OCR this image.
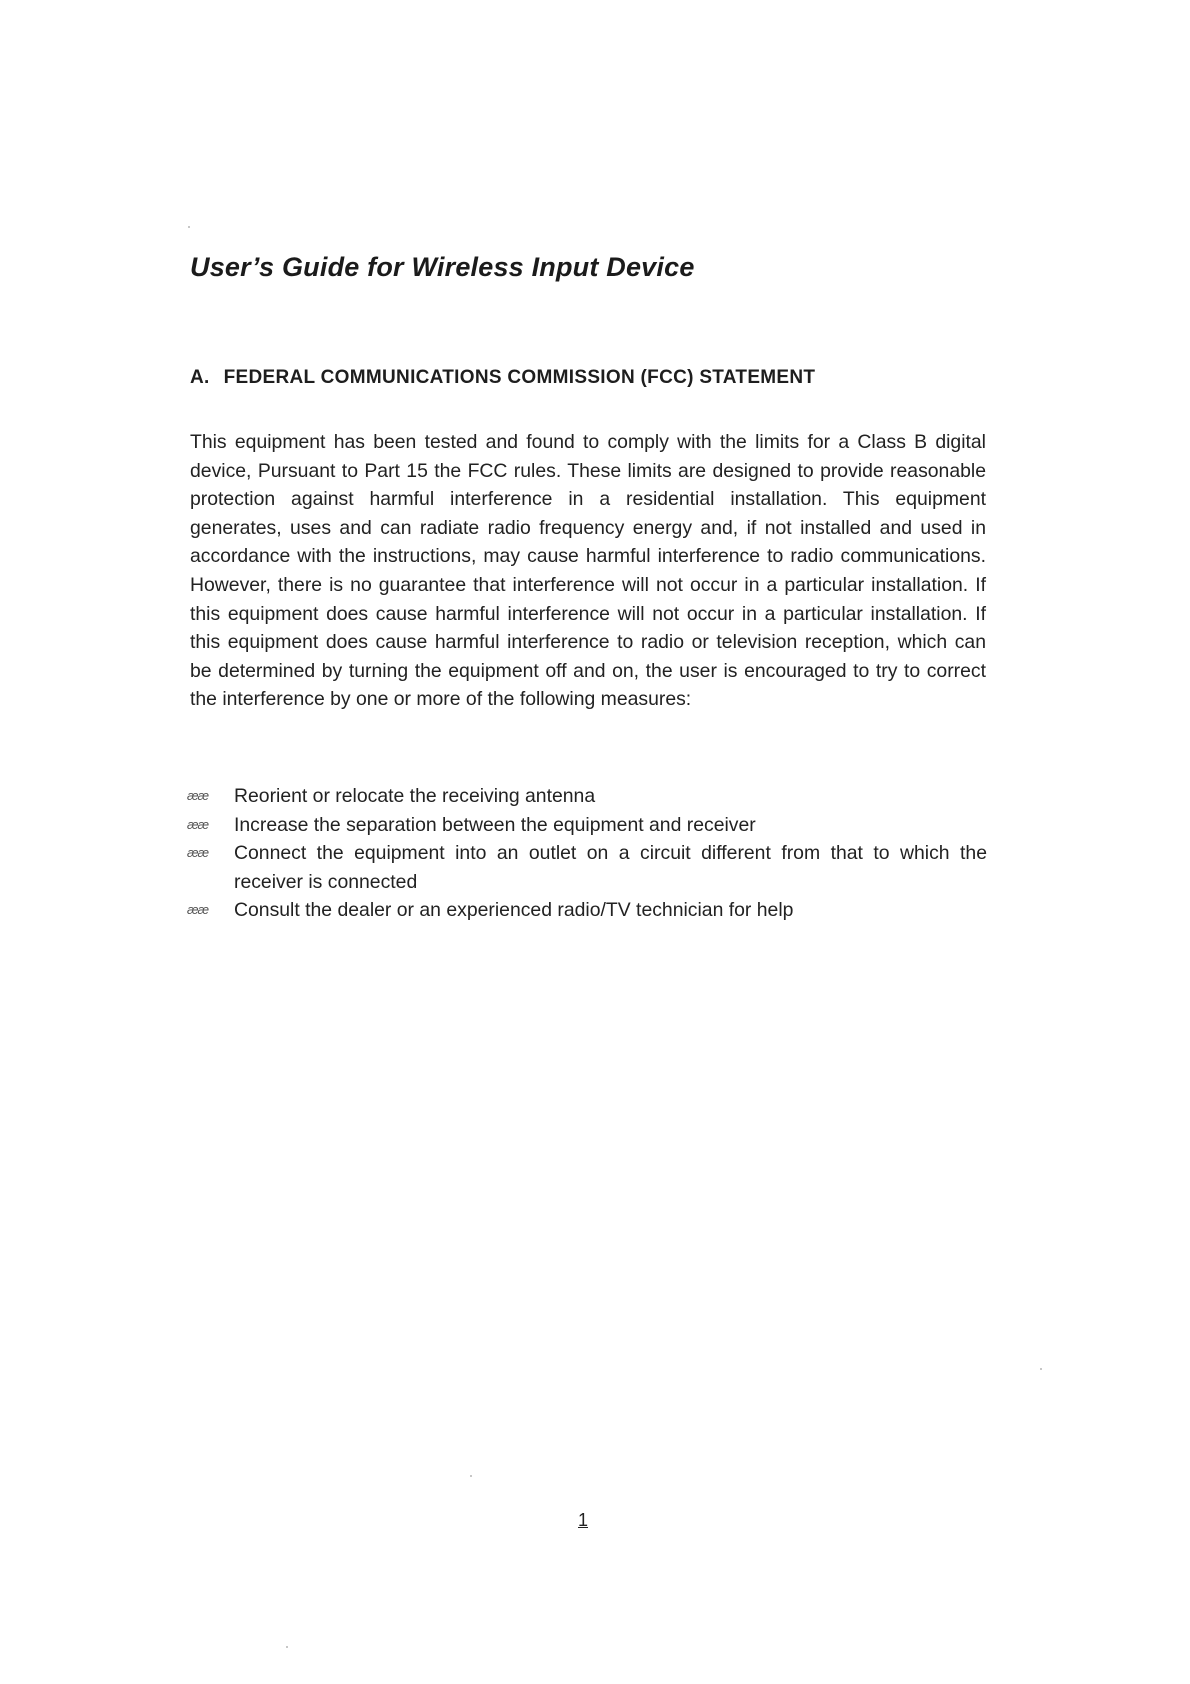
User’s Guide for Wireless Input Device
A. FEDERAL COMMUNICATIONS COMMISSION (FCC) STATEMENT

This equipment has been tested and found to comply with the limits for a Class B digital device, Pursuant to Part 15 the FCC rules. These limits are designed to provide reasonable protection against harmful interference in a residential installation. This equipment generates, uses and can radiate radio frequency energy and, if not installed and used in accordance with the instructions, may cause harmful interference to radio communications. However, there is no guarantee that interference will not occur in a particular installation. If this equipment does cause harmful interference will not occur in a particular installation. If this equipment does cause harmful interference to radio or television reception, which can be determined by turning the equipment off and on, the user is encouraged to try to correct the interference by one or more of the following measures:

ææ Reorient or relocate the receiving antenna
ææ Increase the separation between the equipment and receiver
ææ Connect the equipment into an outlet on a circuit different from that to which the receiver is connected
ææ Consult the dealer or an experienced radio/TV technician for help
1
